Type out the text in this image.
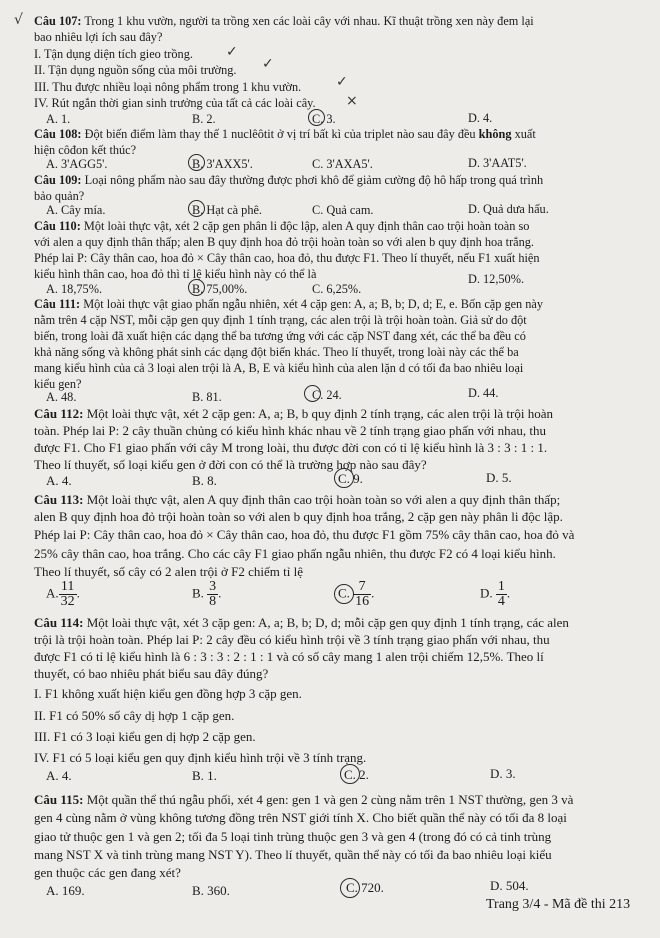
√ Câu 107: Trong 1 khu vườn, người ta trồng xen các loài cây với nhau. Kĩ thuật trồng xen này đem lại
bao nhiêu lợi ích sau đây?
I. Tận dụng diện tích gieo trồng. ✓
II. Tận dụng nguồn sống của môi trường. ✓
III. Thu được nhiều loại nông phẩm trong 1 khu vườn. ✓
IV. Rút ngắn thời gian sinh trưởng của tất cả các loài cây. ×
A. 1.	B. 2.	C. 3.	D. 4.
Câu 108: Đột biến điểm làm thay thế 1 nuclêôtit ở vị trí bất kì của triplet nào sau đây đều không xuất
hiện côđon kết thúc?
A. 3'AGG5'.	B. 3'AXX5'.	C. 3'AXA5'.	D. 3'AAT5'.
Câu 109: Loại nông phẩm nào sau đây thường được phơi khô để giảm cường độ hô hấp trong quá trình
bảo quản?
A. Cây mía.	B. Hạt cà phê.	C. Quả cam.	D. Quả dưa hấu.
Câu 110: Một loài thực vật, xét 2 cặp gen phân li độc lập, alen A quy định thân cao trội hoàn toàn so
với alen a quy định thân thấp; alen B quy định hoa đỏ trội hoàn toàn so với alen b quy định hoa trắng.
Phép lai P: Cây thân cao, hoa đỏ × Cây thân cao, hoa đỏ, thu được F1. Theo lí thuyết, nếu F1 xuất hiện
kiểu hình thân cao, hoa đỏ thì tỉ lệ kiểu hình này có thể là
A. 18,75%.	B. 75,00%.	C. 6,25%.
D. 12,50%.
Câu 111: Một loài thực vật giao phấn ngẫu nhiên, xét 4 cặp gen: A, a; B, b; D, d; E, e. Bốn cặp gen này
nằm trên 4 cặp NST, mỗi cặp gen quy định 1 tính trạng, các alen trội là trội hoàn toàn. Giả sử do đột
biến, trong loài đã xuất hiện các dạng thể ba tương ứng với các cặp NST đang xét, các thể ba đều có
khả năng sống và không phát sinh các dạng đột biến khác. Theo lí thuyết, trong loài này các thể ba
mang kiểu hình của cả 3 loại alen trội là A, B, E và kiểu hình của alen lặn d có tối đa bao nhiêu loại
kiểu gen?
A. 48.	B. 81.	C. 24.	D. 44.
Câu 112: Một loài thực vật, xét 2 cặp gen: A, a; B, b quy định 2 tính trạng, các alen trội là trội hoàn
toàn. Phép lai P: 2 cây thuần chủng có kiểu hình khác nhau về 2 tính trạng giao phấn với nhau, thu
được F1. Cho F1 giao phấn với cây M trong loài, thu được đời con có tỉ lệ kiểu hình là 3 : 3 : 1 : 1.
Theo lí thuyết, số loại kiểu gen ở đời con có thể là trường hợp nào sau đây?
A. 4.	B. 8.	C. 9.	D. 5.
Câu 113: Một loài thực vật, alen A quy định thân cao trội hoàn toàn so với alen a quy định thân thấp;
alen B quy định hoa đỏ trội hoàn toàn so với alen b quy định hoa trắng, 2 cặp gen này phân li độc lập.
Phép lai P: Cây thân cao, hoa đỏ × Cây thân cao, hoa đỏ, thu được F1 gồm 75% cây thân cao, hoa đỏ và
25% cây thân cao, hoa trắng. Cho các cây F1 giao phấn ngẫu nhiên, thu được F2 có 4 loại kiểu hình.
Theo lí thuyết, số cây có 2 alen trội ở F2 chiếm tỉ lệ
A. $\frac{11}{32}$ .	B. $\frac{3}{8}$ .	C. $\frac{7}{16}$ .	D. $\frac{1}{4}$ .
Câu 114: Một loài thực vật, xét 3 cặp gen: A, a; B, b; D, d; mỗi cặp gen quy định 1 tính trạng, các alen
trội là trội hoàn toàn. Phép lai P: 2 cây đều có kiểu hình trội về 3 tính trạng giao phấn với nhau, thu
được F1 có tỉ lệ kiểu hình là 6 : 3 : 3 : 2 : 1 : 1 và có số cây mang 1 alen trội chiếm 12,5%. Theo lí
thuyết, có bao nhiêu phát biểu sau đây đúng?
I. F1 không xuất hiện kiểu gen đồng hợp 3 cặp gen.
II. F1 có 50% số cây dị hợp 1 cặp gen.
III. F1 có 3 loại kiểu gen dị hợp 2 cặp gen.
IV. F1 có 5 loại kiểu gen quy định kiểu hình trội về 3 tính trạng.
A. 4.	B. 1.	C. 2.	D. 3.
Câu 115: Một quần thể thú ngẫu phối, xét 4 gen: gen 1 và gen 2 cùng nằm trên 1 NST thường, gen 3 và
gen 4 cùng nằm ở vùng không tương đồng trên NST giới tính X. Cho biết quần thể này có tối đa 8 loại
giao tử thuộc gen 1 và gen 2; tối đa 5 loại tinh trùng thuộc gen 3 và gen 4 (trong đó có cả tinh trùng
mang NST X và tinh trùng mang NST Y). Theo lí thuyết, quần thể này có tối đa bao nhiêu loại kiểu
gen thuộc các gen đang xét?
A. 169.	B. 360.	C. 720.	D. 504.
Trang 3/4 - Mã đề thi 213
